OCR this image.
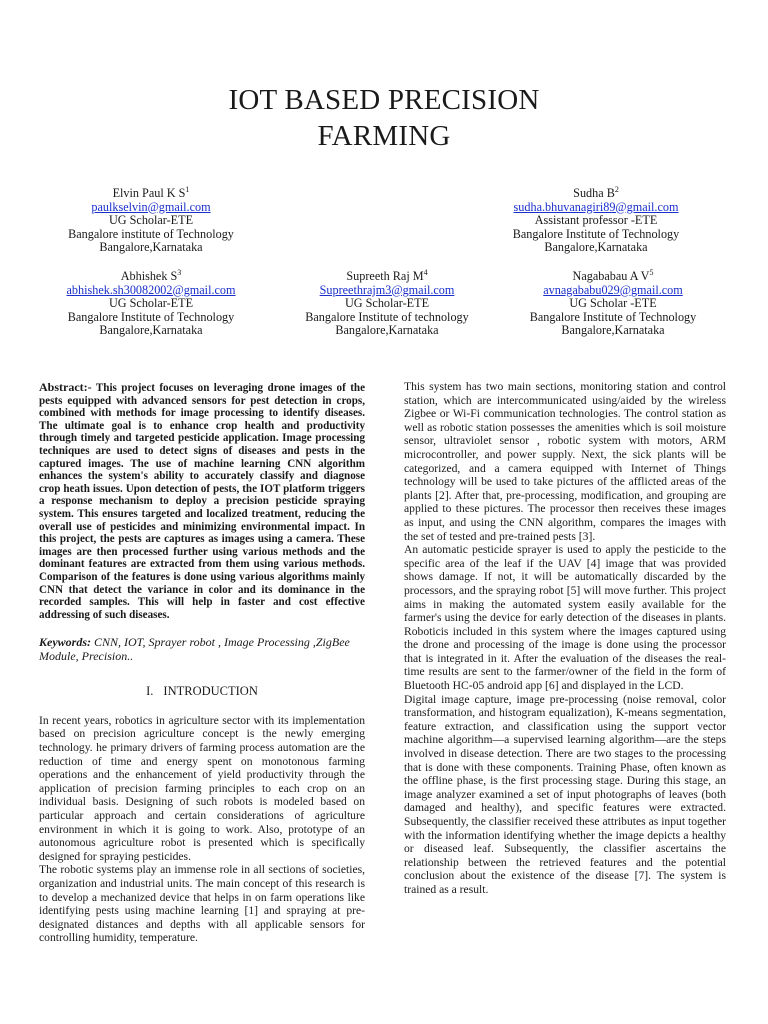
IOT BASED PRECISION
FARMING
Elvin Paul K $S^1$
paulkselvin@gmail.com
UG Scholar-ETE
Bangalore institute of Technology
Bangalore,Karnataka
Sudha $B^2$
sudha.bhuvanagiri89@gmail.com
Assistant professor -ETE
Bangalore Institute of Technology
Bangalore,Karnataka
Abhishek $S^3$
abhishek.sh30082002@gmail.com
UG Scholar-ETE
Bangalore Institute of Technology
Bangalore,Karnataka
Supreeth Raj $M^4$
Supreethrajm3@gmail.com
UG Scholar-ETE
Bangalore Institute of technology
Bangalore,Karnataka
Nagababau A $V^5$
avnagababu029@gmail.com
UG Scholar -ETE
Bangalore Institute of Technology
Bangalore,Karnataka

Abstract:- This project focuses on leveraging drone images of the pests equipped with advanced sensors for pest detection in crops, combined with methods for image processing to identify diseases. The ultimate goal is to enhance crop health and productivity through timely and targeted pesticide application. Image processing techniques are used to detect signs of diseases and pests in the captured images. The use of machine learning CNN algorithm enhances the system's ability to accurately classify and diagnose crop heath issues. Upon detection of pests, the IOT platform triggers a response mechanism to deploy a precision pesticide spraying system. This ensures targeted and localized treatment, reducing the overall use of pesticides and minimizing environmental impact. In this project, the pests are captures as images using a camera. These images are then processed further using various methods and the dominant features are extracted from them using various methods. Comparison of the features is done using various algorithms mainly CNN that detect the variance in color and its dominance in the recorded samples. This will help in faster and cost effective addressing of such diseases.

Keywords: CNN, IOT, Sprayer robot , Image Processing ,ZigBee Module, Precision..

I. INTRODUCTION

In recent years, robotics in agriculture sector with its implementation based on precision agriculture concept is the newly emerging technology. he primary drivers of farming process automation are the reduction of time and energy spent on monotonous farming operations and the enhancement of yield productivity through the application of precision farming principles to each crop on an individual basis. Designing of such robots is modeled based on particular approach and certain considerations of agriculture environment in which it is going to work. Also, prototype of an autonomous agriculture robot is presented which is specifically designed for spraying pesticides.

The robotic systems play an immense role in all sections of societies, organization and industrial units. The main concept of this research is to develop a mechanized device that helps in on farm operations like identifying pests using machine learning [1] and spraying at pre-designated distances and depths with all applicable sensors for controlling humidity, temperature.

This system has two main sections, monitoring station and control station, which are intercommunicated using/aided by the wireless Zigbee or Wi-Fi communication technologies. The control station as well as robotic station possesses the amenities which is soil moisture sensor, ultraviolet sensor , robotic system with motors, ARM microcontroller, and power supply. Next, the sick plants will be categorized, and a camera equipped with Internet of Things technology will be used to take pictures of the afflicted areas of the plants [2]. After that, pre-processing, modification, and grouping are applied to these pictures. The processor then receives these images as input, and using the CNN algorithm, compares the images with the set of tested and pre-trained pests [3].

An automatic pesticide sprayer is used to apply the pesticide to the specific area of the leaf if the UAV [4] image that was provided shows damage. If not, it will be automatically discarded by the processors, and the spraying robot [5] will move further. This project aims in making the automated system easily available for the farmer's using the device for early detection of the diseases in plants. Roboticis included in this system where the images captured using the drone and processing of the image is done using the processor that is integrated in it. After the evaluation of the diseases the real-time results are sent to the farmer/owner of the field in the form of Bluetooth HC-05 android app [6] and displayed in the LCD.

Digital image capture, image pre-processing (noise removal, color transformation, and histogram equalization), K-means segmentation, feature extraction, and classification using the support vector machine algorithm—a supervised learning algorithm—are the steps involved in disease detection. There are two stages to the processing that is done with these components. Training Phase, often known as the offline phase, is the first processing stage. During this stage, an image analyzer examined a set of input photographs of leaves (both damaged and healthy), and specific features were extracted. Subsequently, the classifier received these attributes as input together with the information identifying whether the image depicts a healthy or diseased leaf. Subsequently, the classifier ascertains the relationship between the retrieved features and the potential conclusion about the existence of the disease [7]. The system is trained as a result.
